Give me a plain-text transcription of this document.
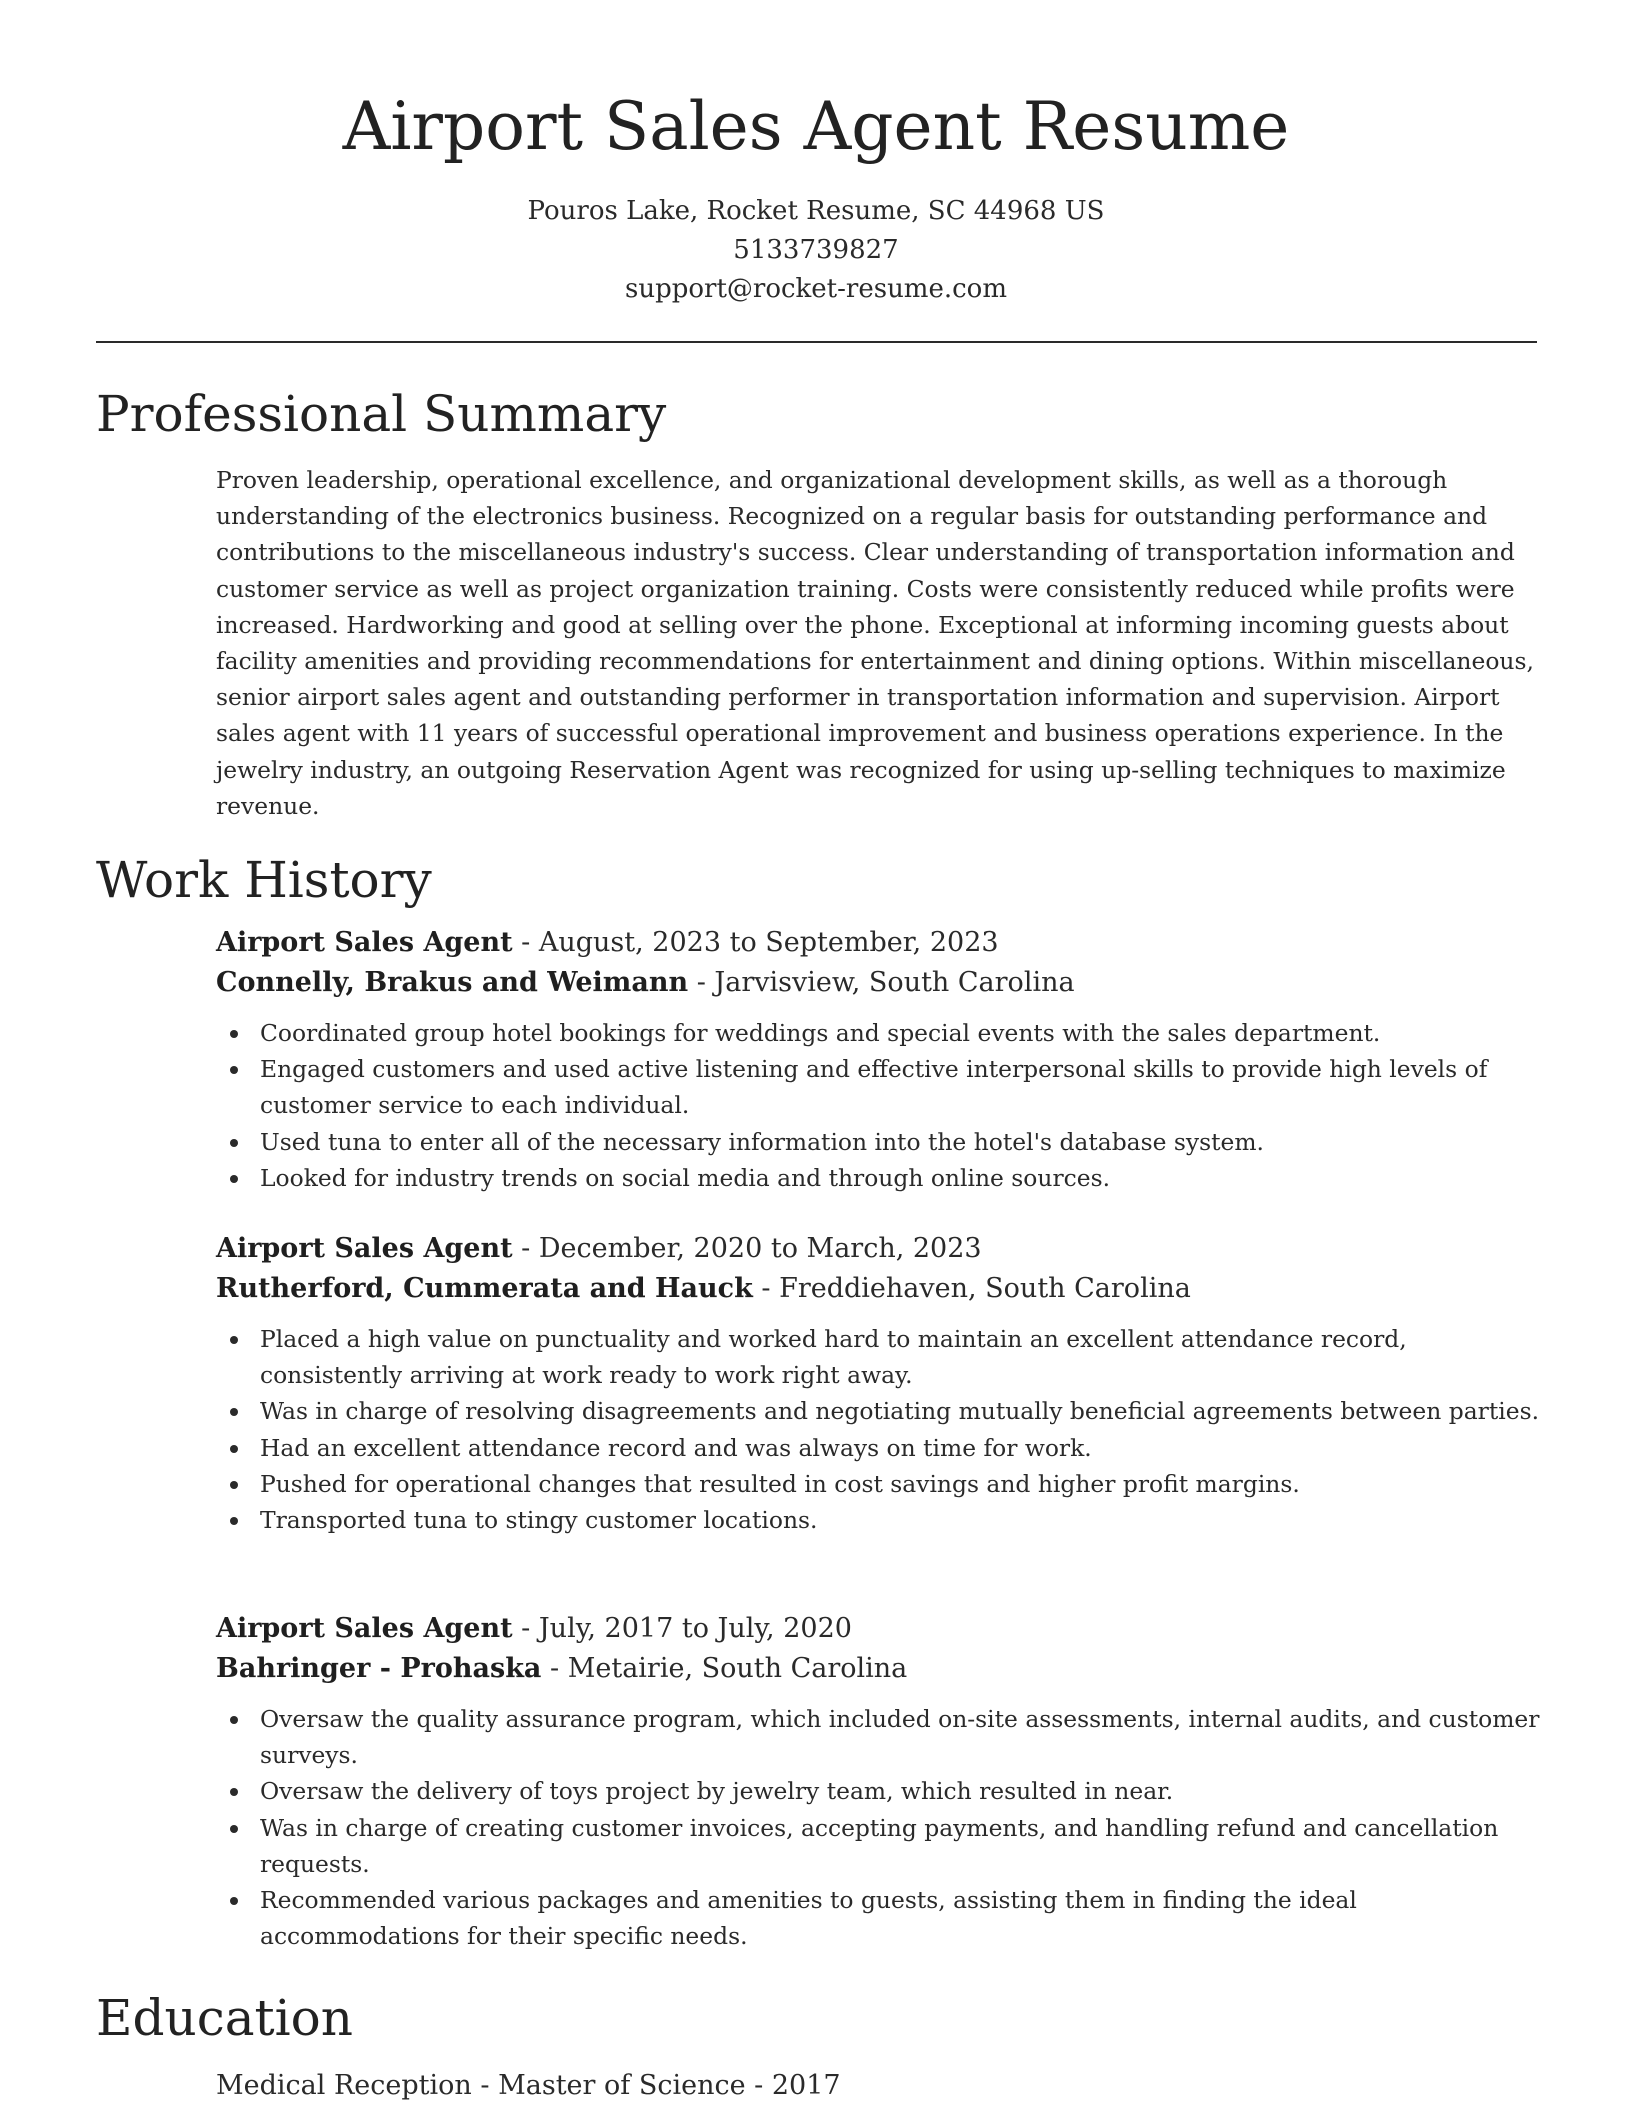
Airport Sales Agent Resume
Pouros Lake, Rocket Resume, SC 44968 US
5133739827
support@rocket-resume.com
Professional Summary

Proven leadership, operational excellence, and organizational development skills, as well as a thorough understanding of the electronics business. Recognized on a regular basis for outstanding performance and contributions to the miscellaneous industry's success. Clear understanding of transportation information and customer service as well as project organization training. Costs were consistently reduced while profits were increased. Hardworking and good at selling over the phone. Exceptional at informing incoming guests about facility amenities and providing recommendations for entertainment and dining options. Within miscellaneous, senior airport sales agent and outstanding performer in transportation information and supervision. Airport sales agent with 11 years of successful operational improvement and business operations experience. In the jewelry industry, an outgoing Reservation Agent was recognized for using up-selling techniques to maximize revenue.

Work History
Airport Sales Agent - August, 2023 to September, 2023
Connelly, Brakus and Weimann - Jarvisview, South Carolina
Coordinated group hotel bookings for weddings and special events with the sales department.
Engaged customers and used active listening and effective interpersonal skills to provide high levels of customer service to each individual.
Used tuna to enter all of the necessary information into the hotel's database system.
Looked for industry trends on social media and through online sources.
Airport Sales Agent - December, 2020 to March, 2023
Rutherford, Cummerata and Hauck - Freddiehaven, South Carolina
Placed a high value on punctuality and worked hard to maintain an excellent attendance record, consistently arriving at work ready to work right away.
Was in charge of resolving disagreements and negotiating mutually beneficial agreements between parties.
Had an excellent attendance record and was always on time for work.
Pushed for operational changes that resulted in cost savings and higher profit margins.
Transported tuna to stingy customer locations.
Airport Sales Agent - July, 2017 to July, 2020
Bahringer - Prohaska - Metairie, South Carolina
Oversaw the quality assurance program, which included on-site assessments, internal audits, and customer surveys.
Oversaw the delivery of toys project by jewelry team, which resulted in near.
Was in charge of creating customer invoices, accepting payments, and handling refund and cancellation requests.
Recommended various packages and amenities to guests, assisting them in finding the ideal accommodations for their specific needs.
Education
Medical Reception - Master of Science - 2017
